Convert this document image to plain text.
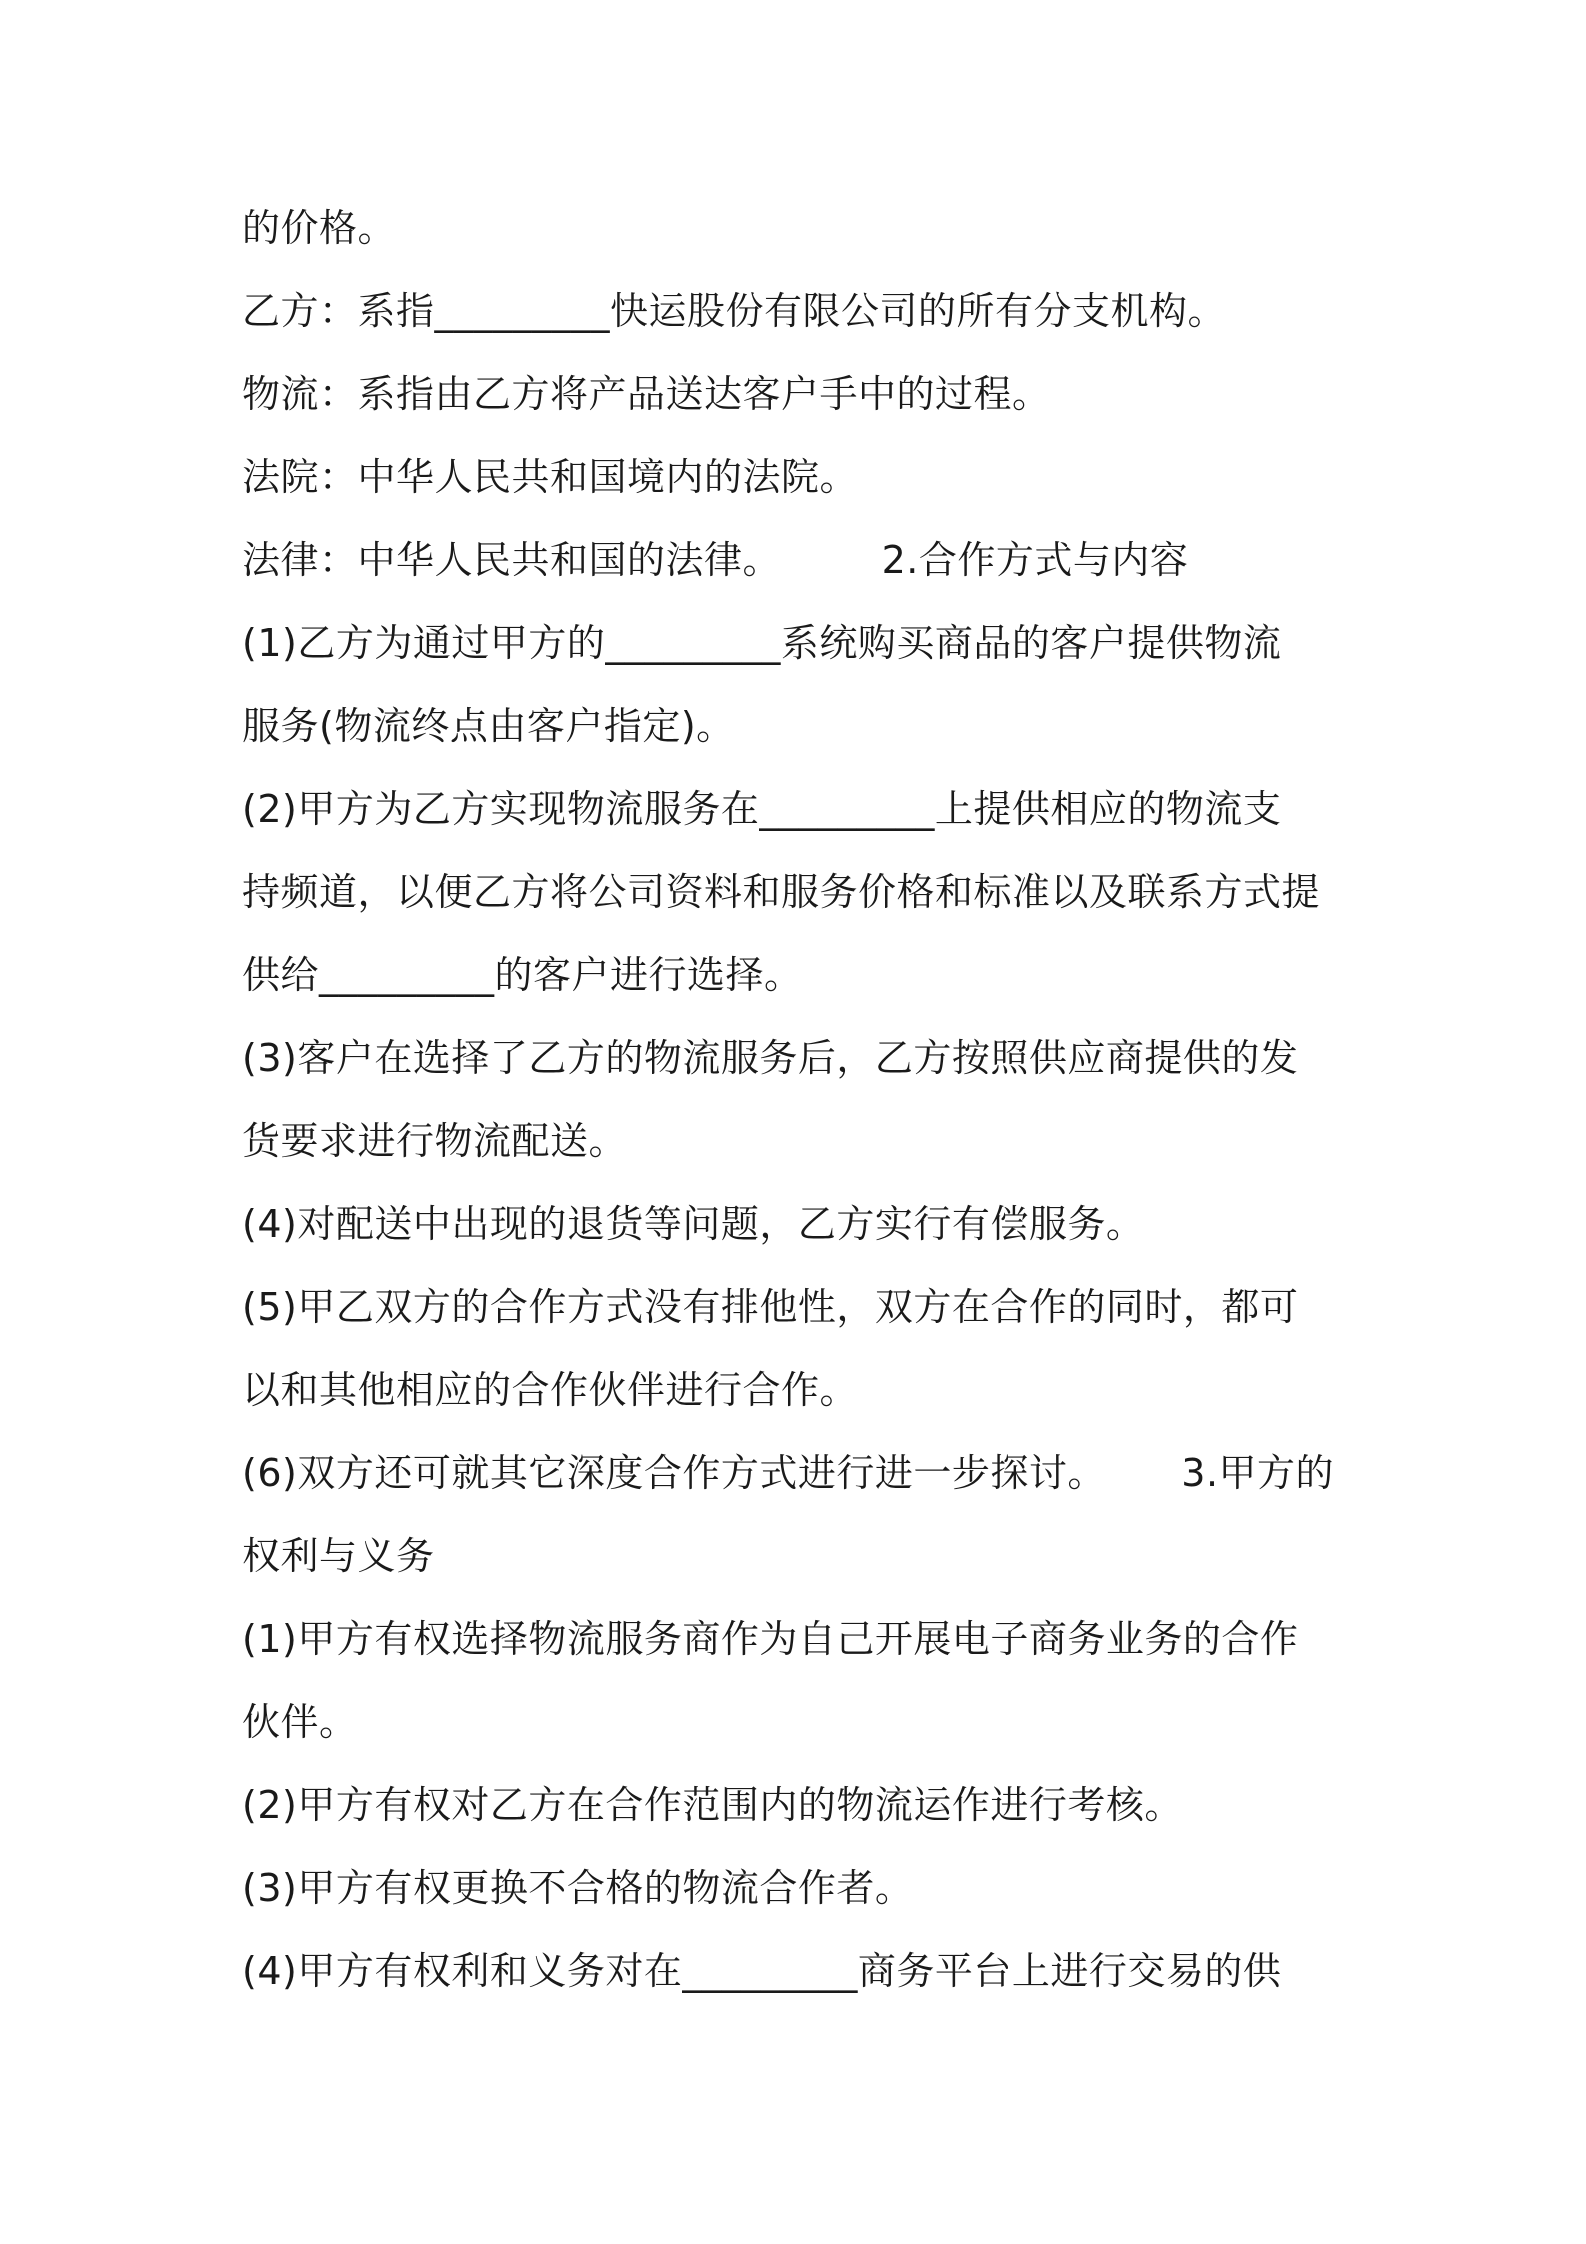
的价格。
乙方：系指_________快运股份有限公司的所有分支机构。
物流：系指由乙方将产品送达客户手中的过程。
法院：中华人民共和国境内的法院。
法律：中华人民共和国的法律。        2.合作方式与内容
(1)乙方为通过甲方的_________系统购买商品的客户提供物流
服务(物流终点由客户指定)。
(2)甲方为乙方实现物流服务在_________上提供相应的物流支
持频道，以便乙方将公司资料和服务价格和标准以及联系方式提
供给_________的客户进行选择。
(3)客户在选择了乙方的物流服务后，乙方按照供应商提供的发
货要求进行物流配送。
(4)对配送中出现的退货等问题，乙方实行有偿服务。
(5)甲乙双方的合作方式没有排他性，双方在合作的同时，都可
以和其他相应的合作伙伴进行合作。
(6)双方还可就其它深度合作方式进行进一步探讨。      3.甲方的
权利与义务
(1)甲方有权选择物流服务商作为自己开展电子商务业务的合作
伙伴。
(2)甲方有权对乙方在合作范围内的物流运作进行考核。
(3)甲方有权更换不合格的物流合作者。
(4)甲方有权利和义务对在_________商务平台上进行交易的供
